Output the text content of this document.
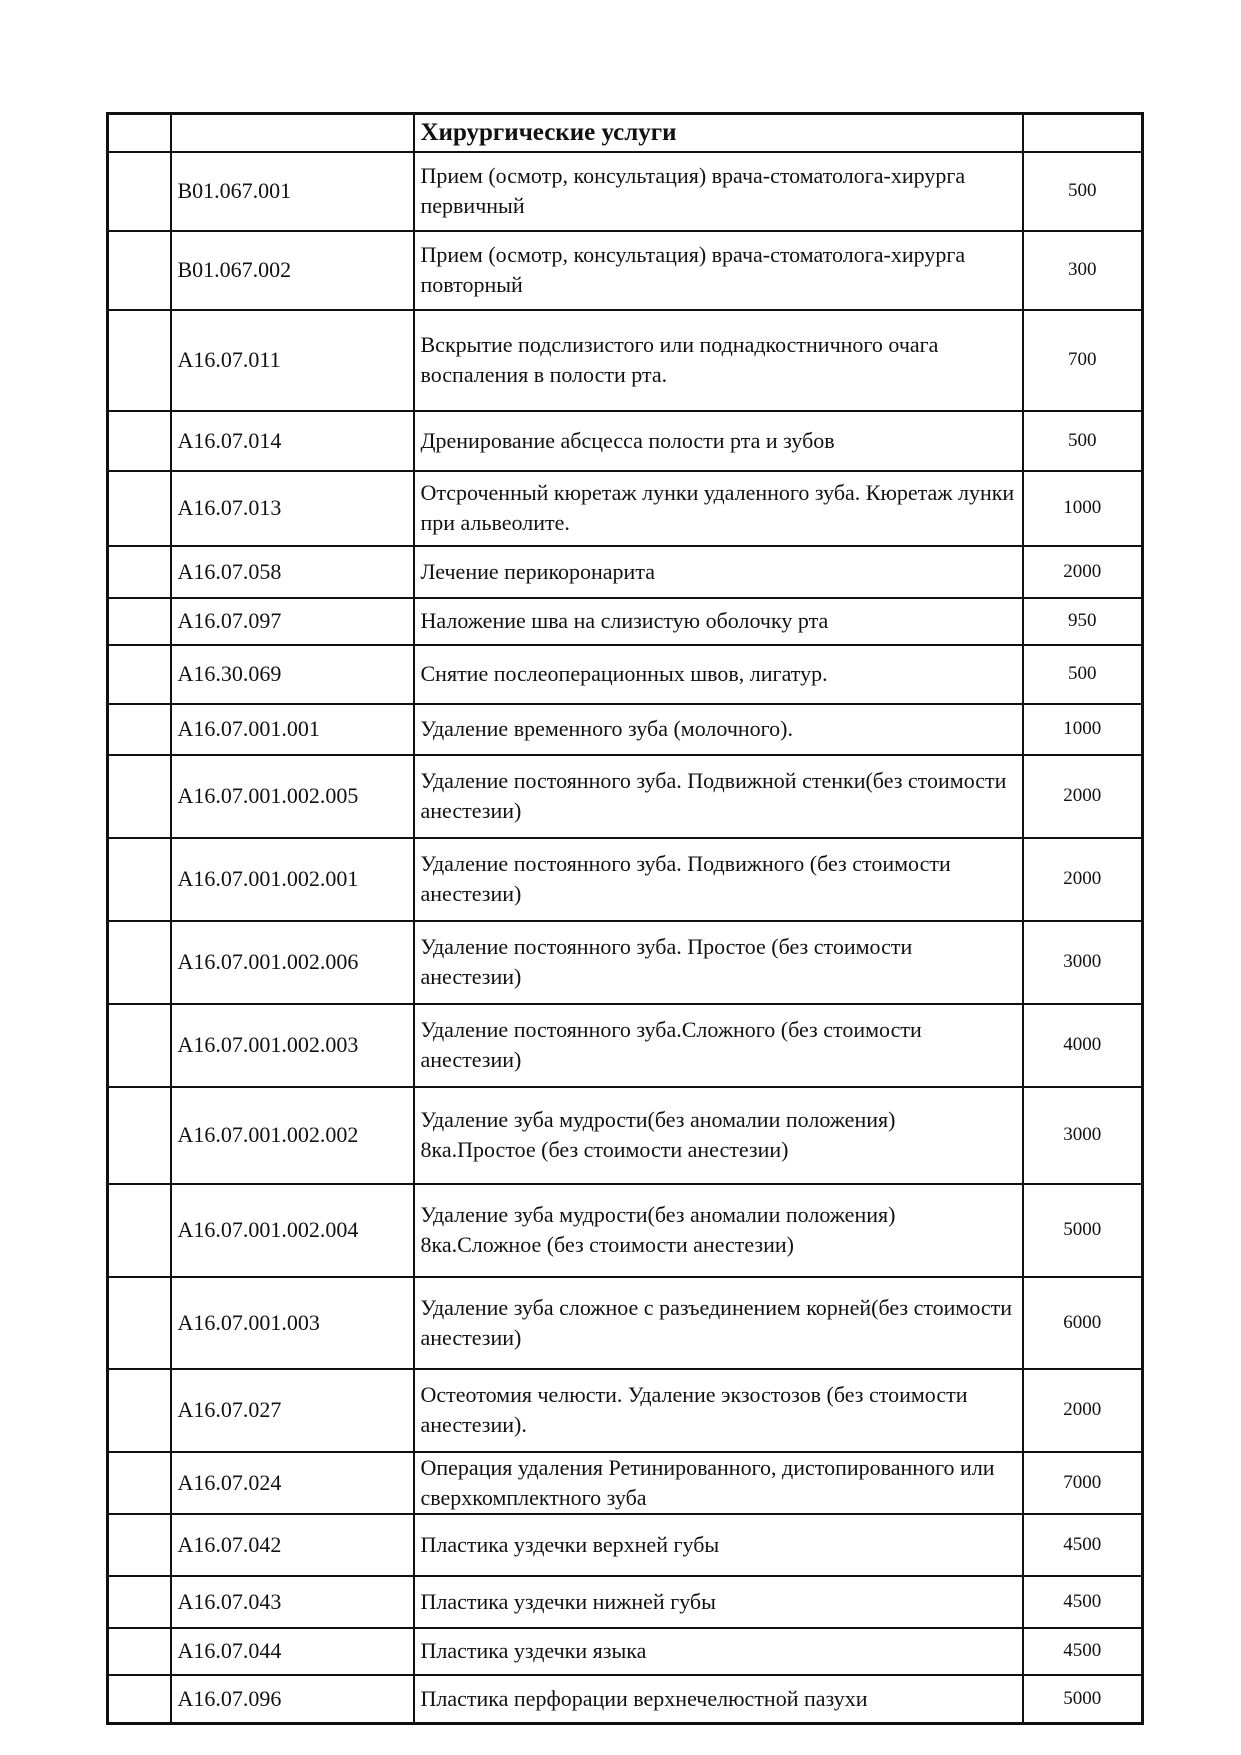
		Хирургические услуги	
	B01.067.001	Прием (осмотр, консультация) врача-стоматолога-хирурга первичный	500
	B01.067.002	Прием (осмотр, консультация) врача-стоматолога-хирурга повторный	300
	A16.07.011	Вскрытие подслизистого или поднадкостничного очага воспаления в полости рта.	700
	A16.07.014	Дренирование абсцесса полости рта и зубов	500
	A16.07.013	Отсроченный кюретаж лунки удаленного зуба. Кюретаж лунки при альвеолите.	1000
	A16.07.058	Лечение перикоронарита	2000
	A16.07.097	Наложение шва на слизистую оболочку рта	950
	A16.30.069	Снятие послеоперационных швов, лигатур.	500
	A16.07.001.001	Удаление временного зуба (молочного).	1000
	A16.07.001.002.005	Удаление постоянного зуба. Подвижной стенки(без стоимости анестезии)	2000
	A16.07.001.002.001	Удаление постоянного зуба. Подвижного (без стоимости анестезии)	2000
	A16.07.001.002.006	Удаление постоянного зуба. Простое (без стоимости анестезии)	3000
	A16.07.001.002.003	Удаление постоянного зуба.Сложного (без стоимости анестезии)	4000
	A16.07.001.002.002	Удаление зуба мудрости(без аномалии положения) 8ка.Простое (без стоимости анестезии)	3000
	A16.07.001.002.004	Удаление зуба мудрости(без аномалии положения) 8ка.Сложное (без стоимости анестезии)	5000
	A16.07.001.003	Удаление зуба сложное с разъединением корней(без стоимости анестезии)	6000
	A16.07.027	Остеотомия челюсти. Удаление экзостозов (без стоимости анестезии).	2000
	A16.07.024	Операция удаления Ретинированного, дистопированного или сверхкомплектного зуба	7000
	A16.07.042	Пластика уздечки верхней губы	4500
	A16.07.043	Пластика уздечки нижней губы	4500
	A16.07.044	Пластика уздечки языка	4500
	A16.07.096	Пластика перфорации верхнечелюстной пазухи	5000
